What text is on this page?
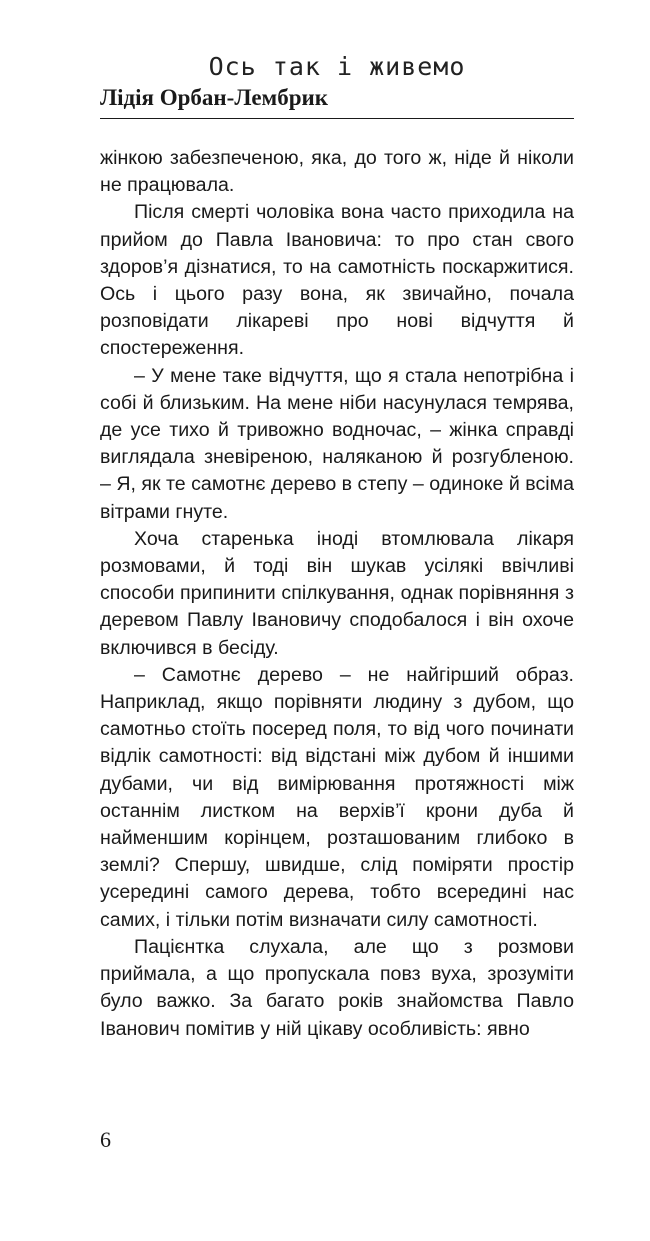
Ось так і живемо
Лідія Орбан-Лембрик

жінкою забезпеченою, яка, до того ж, ніде й ніколи не працювала.

Після смерті чоловіка вона часто приходила на прийом до Павла Івановича: то про стан свого здоров’я дізнатися, то на самотність поскаржитися. Ось і цього разу вона, як звичайно, почала розповідати лікареві про нові відчуття й спостереження.

– У мене таке відчуття, що я стала непотрібна і собі й близьким. На мене ніби насунулася темрява, де усе тихо й тривожно водночас, – жінка справді виглядала зневіреною, наляканою й розгубленою. – Я, як те самотнє дерево в степу – одиноке й всіма вітрами гнуте.

Хоча старенька іноді втомлювала лікаря розмовами, й тоді він шукав усілякі ввічливі способи припинити спілкування, однак порівняння з деревом Павлу Івановичу сподобалося і він охоче включився в бесіду.

– Самотнє дерево – не найгірший образ. Наприклад, якщо порівняти людину з дубом, що самотньо стоїть посеред поля, то від чого починати відлік самотності: від відстані між дубом й іншими дубами, чи від вимірювання протяжності між останнім листком на верхів’ї крони дуба й найменшим корінцем, розташованим глибоко в землі? Спершу, швидше, слід поміряти простір усередині самого дерева, тобто всередині нас самих, і тільки потім визначати силу самотності.

Пацієнтка слухала, але що з розмови приймала, а що пропускала повз вуха, зрозуміти було важко. За багато років знайомства Павло Іванович помітив у ній цікаву особливість: явно

6
